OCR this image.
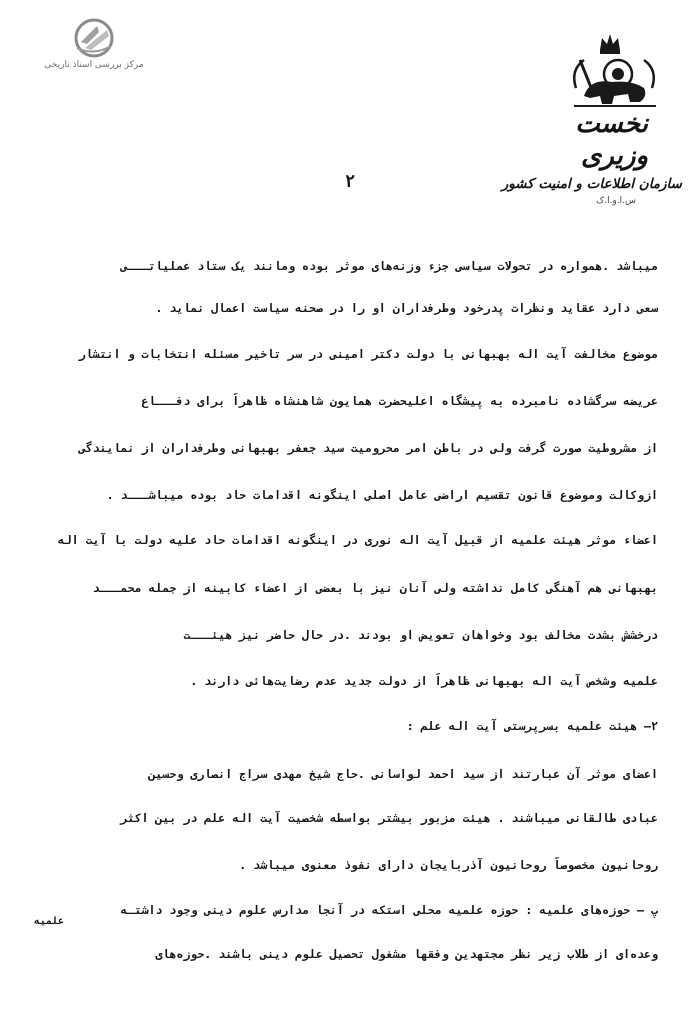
مرکز بررسی اسناد تاریخی
نخست وزیری
سازمان اطلاعات و امنیت کشور
س.ا.و.ا.ک
۲

میباشد .همواره در تحولات سیاسی جزء وزنه‌های موثر بوده ومانند یک ستاد عملیاتـــی

سعی دارد عقاید ونظرات پدرخود وطرفداران او را در صحنه سیاست اعمال نماید .

موضوع مخالفت آیت اله بهبهانی با دولت دکتر امینی در سر تاخیر مسئله انتخابات و انتشار

عریضه سرگشاده نامبرده به پیشگاه اعلیحضرت همایون شاهنشاه ظاهراً برای دفـــاع

از مشروطیت صورت گرفت ولی در باطن امر محرومیت سید جعفر بهبهانی وطرفداران از نمایندگی

ازوکالت وموضوع قانون تقسیم اراضی عامل اصلی اینگونه اقدامات حاد بوده میباشـــد .

اعضاء موثر هیئت علمیه از قبیل آیت اله نوری در اینگونه اقدامات حاد علیه دولت با آیت اله

بهبهانی هم آهنگی کامل نداشته ولی آنان نیز با بعضی از اعضاء کابینه از جمله محمـــد

درخشش بشدت مخالف بود وخواهان تعویض او بودند .در حال حاضر نیز هیئـــت

علمیه وشخص آیت اله بهبهانی ظاهراً از دولت جدید عدم رضایت‌هائی دارند .

۲– هیئت علمیه بسرپرستی آیت اله علم :

اعضای موثر آن عبارتند از سید احمد لواسانی .حاج شیخ مهدی سراج انصاری وحسین

عبادی طالقانی میباشند . هیئت مزبور بیشتر بواسطه شخصیت آیت اله علم در بین اکثر

روحانیون مخصوصاً روحانیون آذربایجان دارای نفوذ معنوی میباشد .

پ – حوزه‌های علمیه : حوزه علمیه محلی استکه در آنجا مدارس علوم دینی وجود داشتـه

وعده‌ای از طلاب زیر نظر مجتهدین وفقها مشغول تحصیل علوم دینی باشند .حوزه‌های

علمیه
